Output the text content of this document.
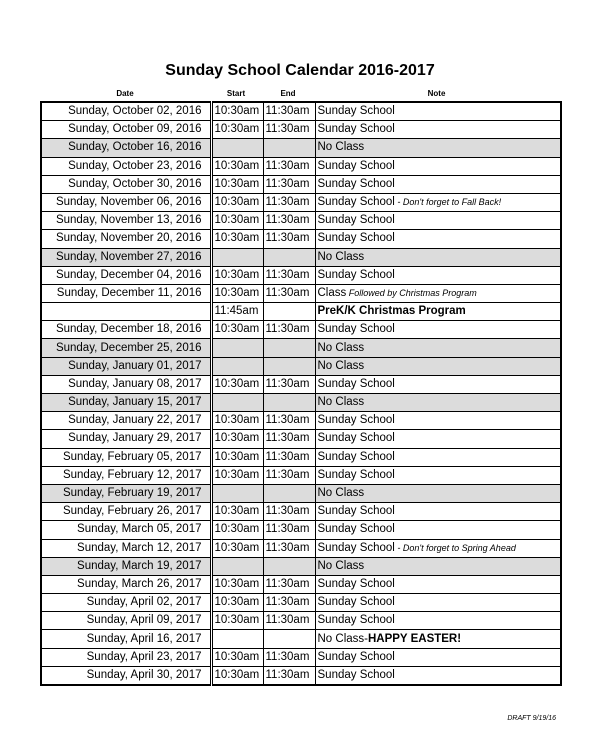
Sunday School Calendar 2016-2017
Date	Start	End	Note
Sunday, October 02, 2016	10:30am	11:30am	Sunday School
Sunday, October 09, 2016	10:30am	11:30am	Sunday School
Sunday, October 16, 2016			No Class
Sunday, October 23, 2016	10:30am	11:30am	Sunday School
Sunday, October 30, 2016	10:30am	11:30am	Sunday School
Sunday, November 06, 2016	10:30am	11:30am	Sunday School - Don't forget to Fall Back!
Sunday, November 13, 2016	10:30am	11:30am	Sunday School
Sunday, November 20, 2016	10:30am	11:30am	Sunday School
Sunday, November 27, 2016			No Class
Sunday, December 04, 2016	10:30am	11:30am	Sunday School
Sunday, December 11, 2016	10:30am	11:30am	Class Followed by Christmas Program
	11:45am		PreK/K Christmas Program
Sunday, December 18, 2016	10:30am	11:30am	Sunday School
Sunday, December 25, 2016			No Class
Sunday, January 01, 2017			No Class
Sunday, January 08, 2017	10:30am	11:30am	Sunday School
Sunday, January 15, 2017			No Class
Sunday, January 22, 2017	10:30am	11:30am	Sunday School
Sunday, January 29, 2017	10:30am	11:30am	Sunday School
Sunday, February 05, 2017	10:30am	11:30am	Sunday School
Sunday, February 12, 2017	10:30am	11:30am	Sunday School
Sunday, February 19, 2017			No Class
Sunday, February 26, 2017	10:30am	11:30am	Sunday School
Sunday, March 05, 2017	10:30am	11:30am	Sunday School
Sunday, March 12, 2017	10:30am	11:30am	Sunday School - Don't forget to Spring Ahead
Sunday, March 19, 2017			No Class
Sunday, March 26, 2017	10:30am	11:30am	Sunday School
Sunday, April 02, 2017	10:30am	11:30am	Sunday School
Sunday, April 09, 2017	10:30am	11:30am	Sunday School
Sunday, April 16, 2017			No Class-HAPPY EASTER!
Sunday, April 23, 2017	10:30am	11:30am	Sunday School
Sunday, April 30, 2017	10:30am	11:30am	Sunday School
DRAFT 9/19/16
